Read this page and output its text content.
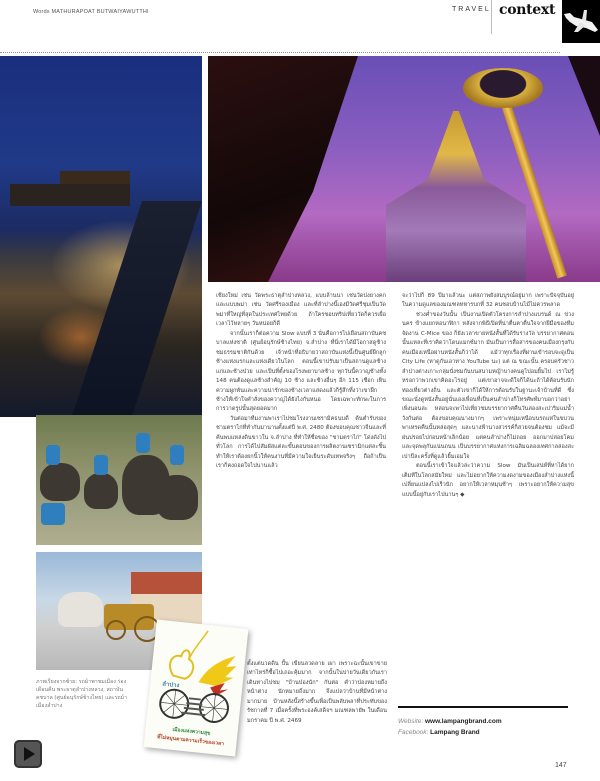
Words MATHURAPOAT BUTWAIYAWUTTHI	TRAVEL context
ภาพเรียงจากซ้าย: รถม้าพาชมเมือง ร่องเดือนคืน พระธาตุลำปางหลวง, สถาบันคชบาล (ศูนย์อนุรักษ์ช้างไทย) และรถม้าเมืองลำปาง
ลำปาง
เมืองแห่งความสุข
ที่ไม่หมุนตามความเร็วของเวลา

เชียงใหม่ เช่น วัดพระธาตุลำปางหลวง, แบบล้านนา เช่นวัดปงยางคก และแบบพม่า เช่น วัดศรีรองเมือง และที่ลำปางนี้เองมีวัดศรีชุมเป็นวัดพม่าที่ใหญ่ที่สุดในประเทศไทยด้วย ถ้าใครชอบทริปเที่ยววัดก็ควรเผื่อเวลาไว้หลายๆ วันหน่อยก็ดี

จากนั้นเราก็ต่อความ Slow แบบที่ 3 นั่นคือการไปเยือนสถาบันคชบาลแห่งชาติ (ศูนย์อนุรักษ์ช้างไทย) จ.ลำปาง ที่นี่เราได้มีโอกาสดูช้างชมธรรมชาติกันด้วย เจ้าหน้าที่อธิบายว่าสถาบันแห่งนี้เป็นศูนย์ฝึกลูกช้างแห่งแรกและแห่งเดียวในโลก ตอนนี้เขาปรับมาเป็นสถานดูแลช้างแก่และช้างป่วย และเป็นที่ตั้งของโรงพยาบาลช้าง ทุกวันนี้ควาญช้างทั้ง 148 คนต้องดูแลช้างสำคัญ 10 ช้าง และช้างอื่นๆ อีก 115 เชือก เห็นความผูกพันและความน่ารักของช้างเวลาแสดงแล้วก็รู้สึกทึ่งว่าเขาฝึกช้างให้เข้าใจคำสั่งของควาญได้ยังไงกันหนอ โดยเฉพาะทักษะในการการวาดรูปนั้นสุดยอดมาก

วันต่อมาทีมงานพาเราไปชมโรงงานเซรามิคธนบดี ต้นตำรับของชามตราไก่ที่ทำกันมานานตั้งแต่ปี พ.ศ. 2480 ต้องขอบคุณชาวจีนและที่ค้นพบแหล่งดินขาวใน จ.ลำปาง ที่ทำให้ชื่อของ "ชามตราไก่" โด่งดังไปทั่วโลก การได้ไปสัมผัสแต่ละขั้นตอนของการผลิตงานเซรามิกแต่ละชิ้น ทำให้เราต้องยกนิ้วให้คนงานที่มีความใจเย็นระดับเทพจริงๆ ถือถ้าเป็นเราก็คงถอดใจไปนานแล้ว

ตั้งแต่นวดดิน ปั้น เขียนลวดลาย เผา เพราะฉะนั้นเขาขายเท่าไหร่ก็ซื้อไปเถอะคุ้มมาก จากนั้นในบ่ายวันเดียวกันเราเดินทางไปชม "บ้านป่องนัก" กันต่อ คำว่าป่องหมายถึงหน้าต่าง นักหมายถึงมาก จึงแปลว่าบ้านที่มีหน้าต่างมากมาย บ้านหลังนี้สร้างขึ้นเพื่อเป็นพลับพลาที่ประทับของรัชกาลที่ 7 เมื่อครั้งที่พระองค์เสด็จฯ มณฑลพายัพ ในเดือนมกราคม ปี พ.ศ. 2469

จะว่าไปก็ 89 ปีมาแล้วนะ แต่สภาพยังสมบูรณ์อยู่มาก เพราะปัจจุบันอยู่ในความดูแลของมณฑลทหารบกที่ 32 คนชอบบ้านไม้ไม่ควรพลาด

ช่วงค่ำของวันนั้น เป็นงานเปิดตัวโครงการลำปางแบรนด์ ณ ข่วงนคร ข้างแยกหอนาฬิกา หลังจากพิธีเปิดที่น่าตื่นตาตื่นใจจากฝีมือของทีมจัดงาน C-Mice ของ ก็ยังเวลาขายหนังสั้นที่ได้รับรางวัล บรรยากาศตอนนั้นแหละที่เราคิดว่าโดนแมกซ์มาก มันเป็นการสื่อสารของคนเมืองกรุงกับคนเมืองเหนือผ่านหนังสั้นก็ว่าได้ แม้ว่าทุกเรื่องที่ผ่านเข้ารอบจะดูเป็น City Life (หาดูกันเอาทาง YouTube นะ) แต่ ณ ขณะนั้น ครอบครัวชาวลำปางต่างเกาะกลุ่มนั่งชมกันบนสนามหญ้าบางคนดูไปอมยิ้มไป เราไม่รู้หรอกว่าพวกเขาคิดอะไรอยู่ แต่เขาอาจจะดีใจก็ได้นะถ้าได้ต้อนรับนักท่องเที่ยวต่างถิ่น และตัวเขาก็ได้ให้การต้อนรับในฐานะเจ้าบ้านที่ดี ซึ่งขณะนั่งดูหนังสั้นอยู่นั่นเองเพื่อนที่เป็นคนลำปางก็โทรศัพท์มาบอกว่าอย่าเพิ่งนอนล่ะ หล่อนจะพาไปเที่ยวชมบรรยากาศคืนวันล่องสะเปาริมแม่น้ำวังกันต่อ ต้องขอบคุณนางมากๆ เพราะหนุ่มเหนือบนรถแห่ในขบวนพาเหรดคืนนั้นหล่อสุดๆ และนางฟ้านางสวรรค์ก็สวยจนต้องชม แม้จะมีฝนปรอยไปก่อนหน้าเล็กน้อย แต่คนลำปางก็ไม่ถอย ออกมาปล่อยโคมและจุดพลุกันแน่นถนน เป็นบรรยากาศแห่งการเฉลิมฉลองเทศกาลล่องสะเปาปีละครั้งที่ดูแล้วยิ้มเอมใจ

ตอนนี้เราเข้าใจแล้วล่ะว่าความ Slow มันเป็นเสน่ห์ที่หาได้ยากเต็มทีในโลกสมัยใหม่ และไม่อยากให้ความงดงามของเมืองลำปางแห่งนี้เปลี่ยนแปลงไปเร็วนัก อยากให้เวลาหมุนช้าๆ เพราะอยากให้ความสุขแบบนี้อยู่กับเราไปนานๆ ◆

Website: www.lampangbrand.com
Facebook: Lampang Brand
147
